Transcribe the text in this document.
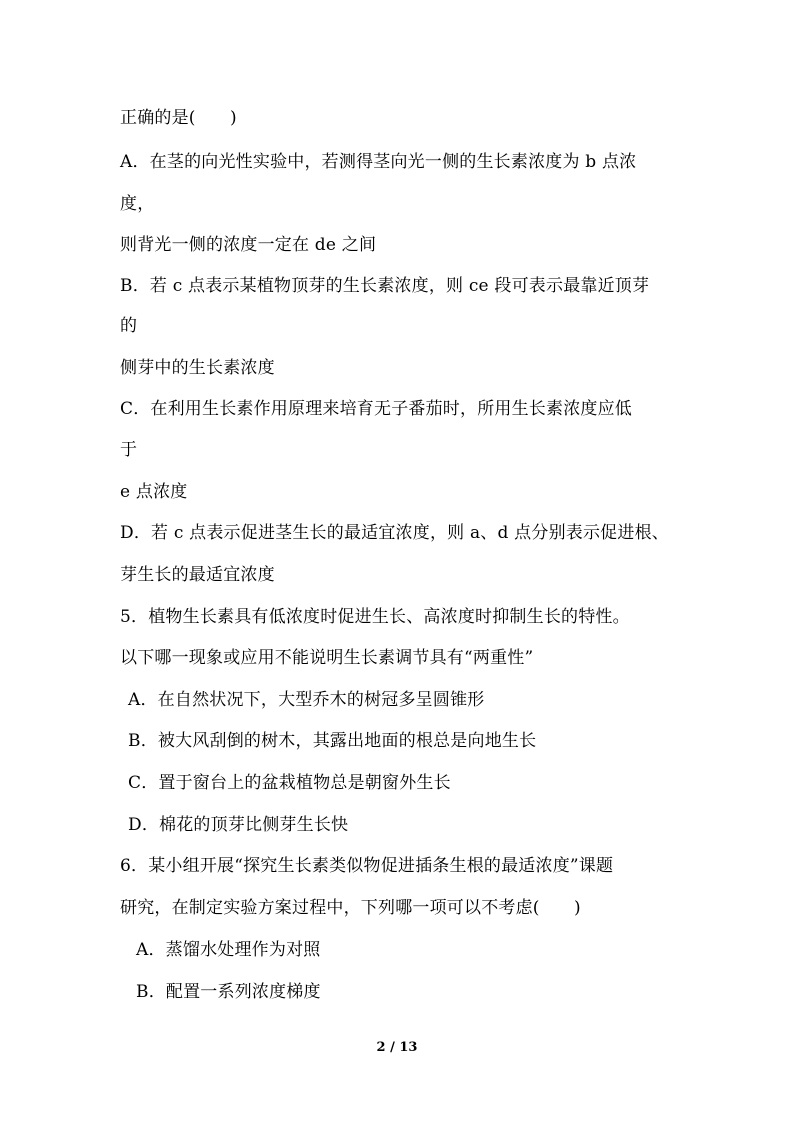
正确的是(　　)
A．在茎的向光性实验中，若测得茎向光一侧的生长素浓度为 b 点浓
度，
则背光一侧的浓度一定在 de 之间
B．若 c 点表示某植物顶芽的生长素浓度，则 ce 段可表示最靠近顶芽
的
侧芽中的生长素浓度
C．在利用生长素作用原理来培育无子番茄时，所用生长素浓度应低
于
e 点浓度
D．若 c 点表示促进茎生长的最适宜浓度，则 a、d 点分别表示促进根、
芽生长的最适宜浓度
5．植物生长素具有低浓度时促进生长、高浓度时抑制生长的特性。
以下哪一现象或应用不能说明生长素调节具有“两重性”
A．在自然状况下，大型乔木的树冠多呈圆锥形
B．被大风刮倒的树木，其露出地面的根总是向地生长
C．置于窗台上的盆栽植物总是朝窗外生长
D．棉花的顶芽比侧芽生长快
6．某小组开展“探究生长素类似物促进插条生根的最适浓度”课题
研究，在制定实验方案过程中，下列哪一项可以不考虑(　　)
A．蒸馏水处理作为对照
B．配置一系列浓度梯度
2 / 13
